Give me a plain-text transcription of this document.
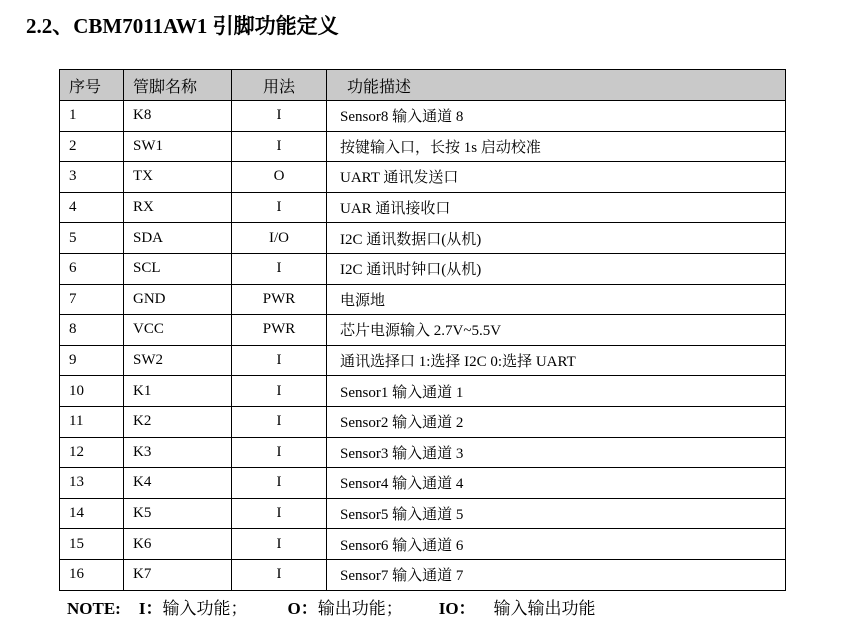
2.2、CBM7011AW1 引脚功能定义
序号	管脚名称	用法	功能描述
1	K8	I	Sensor8 输入通道 8
2	SW1	I	按键输入口，长按 1s 启动校准
3	TX	O	UART 通讯发送口
4	RX	I	UAR 通讯接收口
5	SDA	I/O	I2C 通讯数据口(从机)
6	SCL	I	I2C 通讯时钟口(从机)
7	GND	PWR	电源地
8	VCC	PWR	芯片电源输入 2.7V~5.5V
9	SW2	I	通讯选择口 1:选择 I2C 0:选择 UART
10	K1	I	Sensor1 输入通道 1
11	K2	I	Sensor2 输入通道 2
12	K3	I	Sensor3 输入通道 3
13	K4	I	Sensor4 输入通道 4
14	K5	I	Sensor5 输入通道 5
15	K6	I	Sensor6 输入通道 6
16	K7	I	Sensor7 输入通道 7
NOTE: I：输入功能； O：输出功能； IO： 输入输出功能
